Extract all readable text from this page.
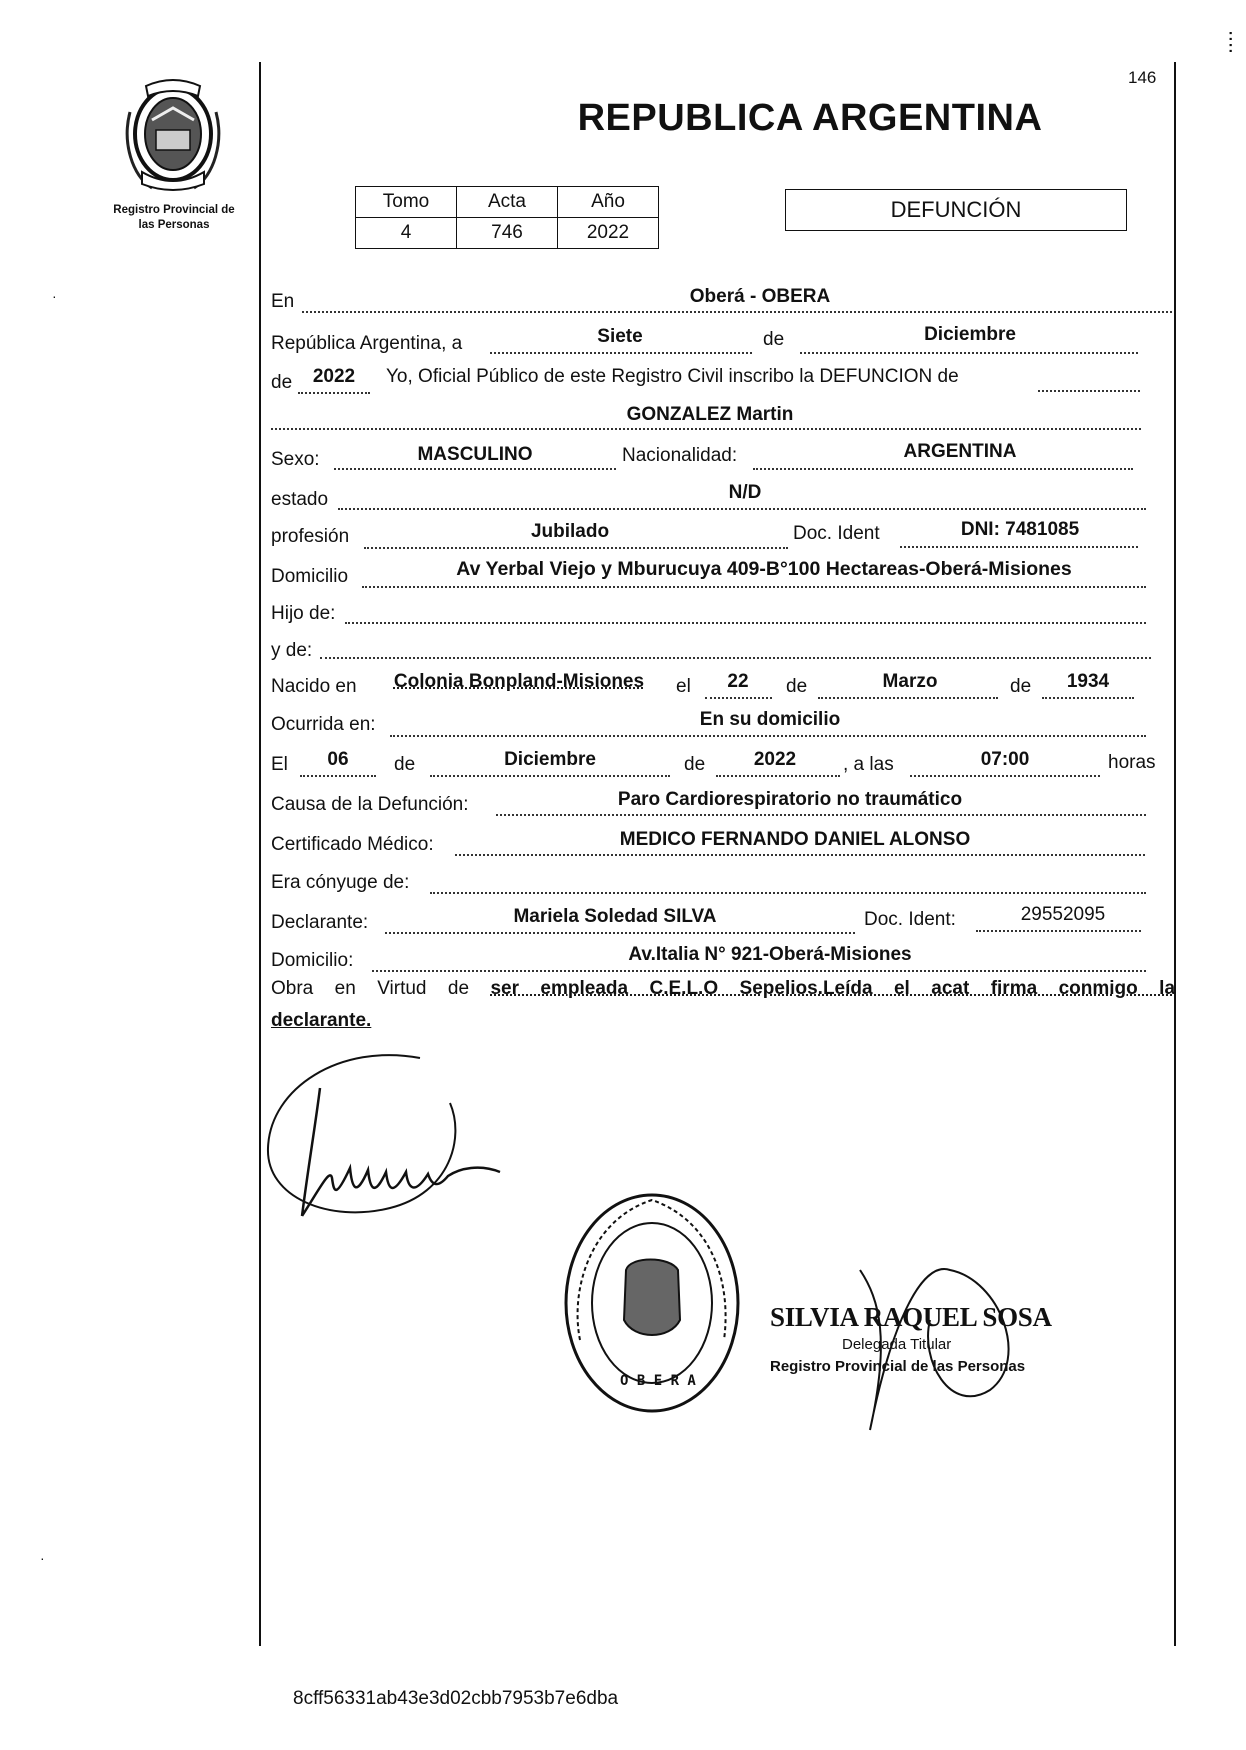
146
:
:
·
·
Registro Provincial de
las Personas
REPUBLICA ARGENTINA
Tomo	Acta	Año
4	746	2022
DEFUNCIÓN
En	Oberá - OBERA
República Argentina, a	Siete	de	Diciembre
de	2022	Yo, Oficial Público de este Registro Civil inscribo la DEFUNCION de
GONZALEZ Martin
Sexo:	MASCULINO	Nacionalidad:	ARGENTINA
estado	N/D
profesión	Jubilado	Doc. Ident	DNI: 7481085
Domicilio	Av Yerbal Viejo y Mburucuya 409-B°100 Hectareas-Oberá-Misiones
Hijo de:
y de:
Nacido en	Colonia Bonpland-Misiones	el	22	de	Marzo	de	1934
Ocurrida en:	En su domicilio
El	06	de	Diciembre	de	2022	, a las	07:00	horas
Causa de la Defunción:	Paro Cardiorespiratorio no traumático
Certificado Médico:	MEDICO FERNANDO DANIEL ALONSO
Era cónyuge de:
Declarante:	Mariela Soledad SILVA	Doc. Ident:	29552095
Domicilio:	Av.Italia N° 921-Oberá-Misiones
Obra en Virtud de ser empleada C.E.L.O Sepelios.Leída el acat firma conmigo la
declarante.
O B E R A
SILVIA RAQUEL SOSA
Delegada Titular
Registro Provincial de las Personas
8cff56331ab43e3d02cbb7953b7e6dba
